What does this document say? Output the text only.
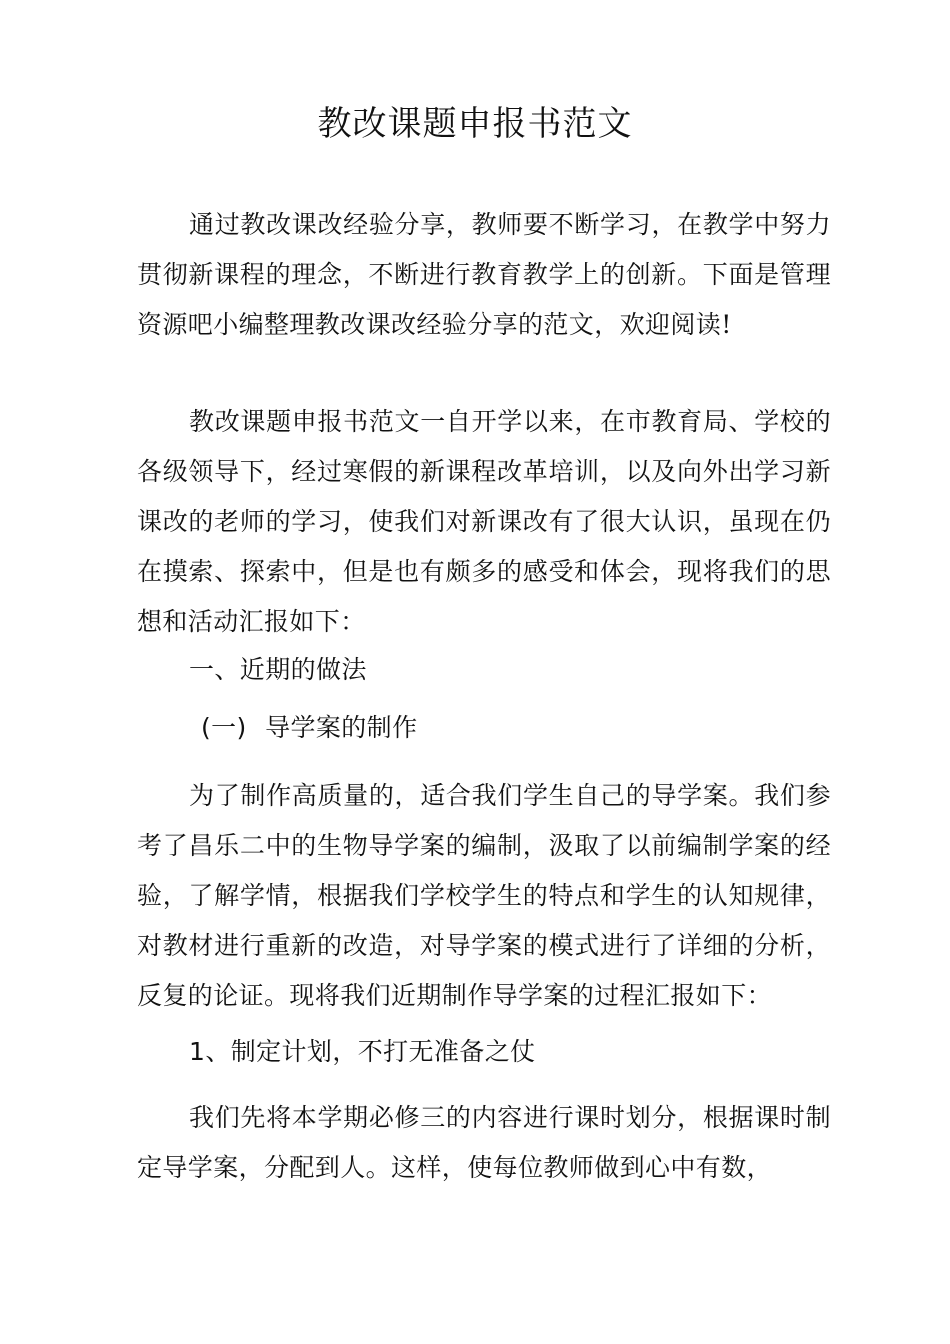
教改课题申报书范文

通过教改课改经验分享，教师要不断学习，在教学中努力贯彻新课程的理念，不断进行教育教学上的创新。下面是管理资源吧小编整理教改课改经验分享的范文，欢迎阅读!

教改课题申报书范文一自开学以来，在市教育局、学校的各级领导下，经过寒假的新课程改革培训，以及向外出学习新课改的老师的学习，使我们对新课改有了很大认识，虽现在仍在摸索、探索中，但是也有颇多的感受和体会，现将我们的思想和活动汇报如下：

一、近期的做法

(一) 导学案的制作

为了制作高质量的，适合我们学生自己的导学案。我们参考了昌乐二中的生物导学案的编制，汲取了以前编制学案的经验，了解学情，根据我们学校学生的特点和学生的认知规律，对教材进行重新的改造，对导学案的模式进行了详细的分析，反复的论证。现将我们近期制作导学案的过程汇报如下：

1、制定计划，不打无准备之仗

我们先将本学期必修三的内容进行课时划分，根据课时制定导学案，分配到人。这样，使每位教师做到心中有数，
